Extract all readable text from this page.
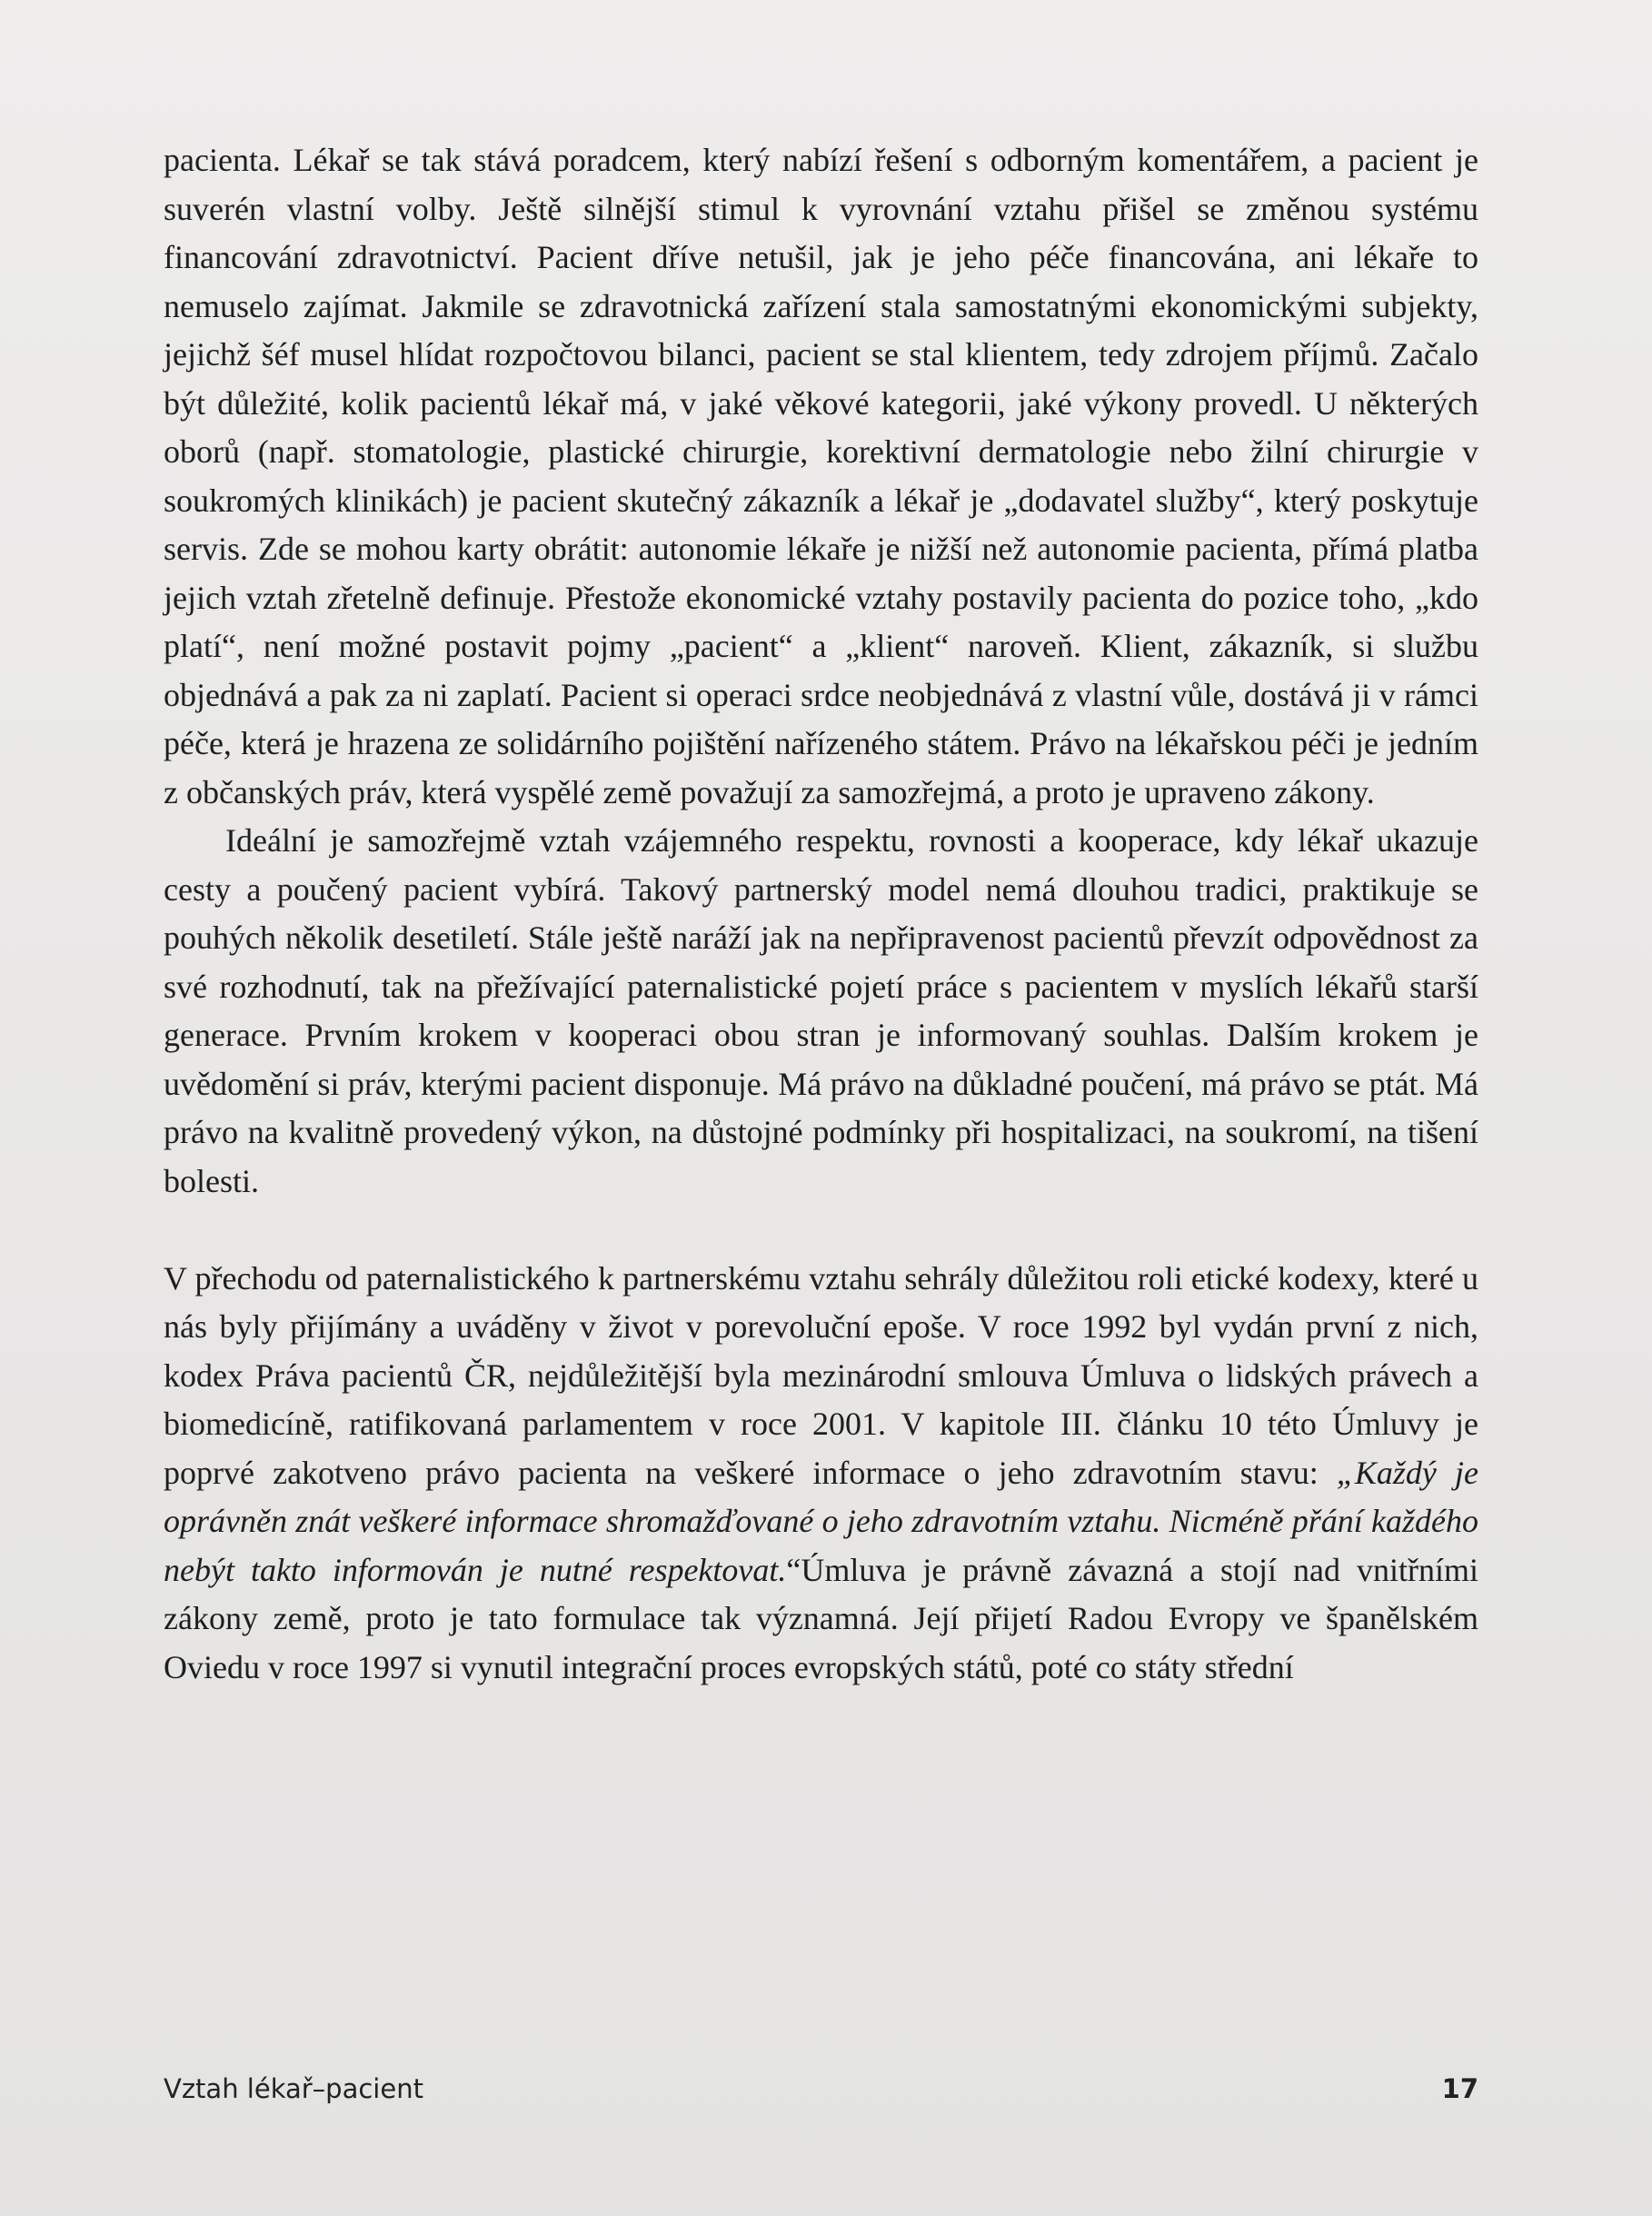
pacienta. Lékař se tak stává poradcem, který nabízí řešení s odborným komentářem, a pacient je suverén vlastní volby. Ještě silnější stimul k vyrovnání vztahu přišel se změnou systému financování zdravotnictví. Pacient dříve netušil, jak je jeho péče financována, ani lékaře to nemuselo zajímat. Jakmile se zdravotnická zařízení stala samostatnými ekonomickými subjekty, jejichž šéf musel hlídat rozpočtovou bilanci, pacient se stal klientem, tedy zdrojem příjmů. Začalo být důležité, kolik pacientů lékař má, v jaké věkové kategorii, jaké výkony provedl. U některých oborů (např. stomatologie, plastické chirurgie, korektivní dermatologie nebo žilní chirurgie v soukromých klinikách) je pacient skutečný zákazník a lékař je „dodavatel služby“, který poskytuje servis. Zde se mohou karty obrátit: autonomie lékaře je nižší než autonomie pacienta, přímá platba jejich vztah zřetelně definuje. Přestože ekonomické vztahy postavily pacienta do pozice toho, „kdo platí“, není možné postavit pojmy „pacient“ a „klient“ naroveň. Klient, zákazník, si službu objednává a pak za ni zaplatí. Pacient si operaci srdce neobjednává z vlastní vůle, dostává ji v rámci péče, která je hrazena ze solidárního pojištění nařízeného státem. Právo na lékařskou péči je jedním z občanských práv, která vyspělé země považují za samozřejmá, a proto je upraveno zákony.

Ideální je samozřejmě vztah vzájemného respektu, rovnosti a kooperace, kdy lékař ukazuje cesty a poučený pacient vybírá. Takový partnerský model nemá dlouhou tradici, praktikuje se pouhých několik desetiletí. Stále ještě naráží jak na nepřipravenost pacientů převzít odpovědnost za své rozhodnutí, tak na přežívající paternalistické pojetí práce s pacientem v myslích lékařů starší generace. Prvním krokem v kooperaci obou stran je informovaný souhlas. Dalším krokem je uvědomění si práv, kterými pacient disponuje. Má právo na důkladné poučení, má právo se ptát. Má právo na kvalitně provedený výkon, na důstojné podmínky při hospitalizaci, na soukromí, na tišení bolesti.

V přechodu od paternalistického k partnerskému vztahu sehrály důležitou roli etické kodexy, které u nás byly přijímány a uváděny v život v porevoluční epoše. V roce 1992 byl vydán první z nich, kodex Práva pacientů ČR, nejdůležitější byla mezinárodní smlouva Úmluva o lidských právech a biomedicíně, ratifikovaná parlamentem v roce 2001. V kapitole III. článku 10 této Úmluvy je poprvé zakotveno právo pacienta na veškeré informace o jeho zdravotním stavu: „Každý je oprávněn znát veškeré informace shromažďované o jeho zdravotním vztahu. Nicméně přání každého nebýt takto informován je nutné respektovat.“Úmluva je právně závazná a stojí nad vnitřními zákony země, proto je tato formulace tak významná. Její přijetí Radou Evropy ve španělském Oviedu v roce 1997 si vynutil integrační proces evropských států, poté co státy střední

Vztah lékař–pacient	17
